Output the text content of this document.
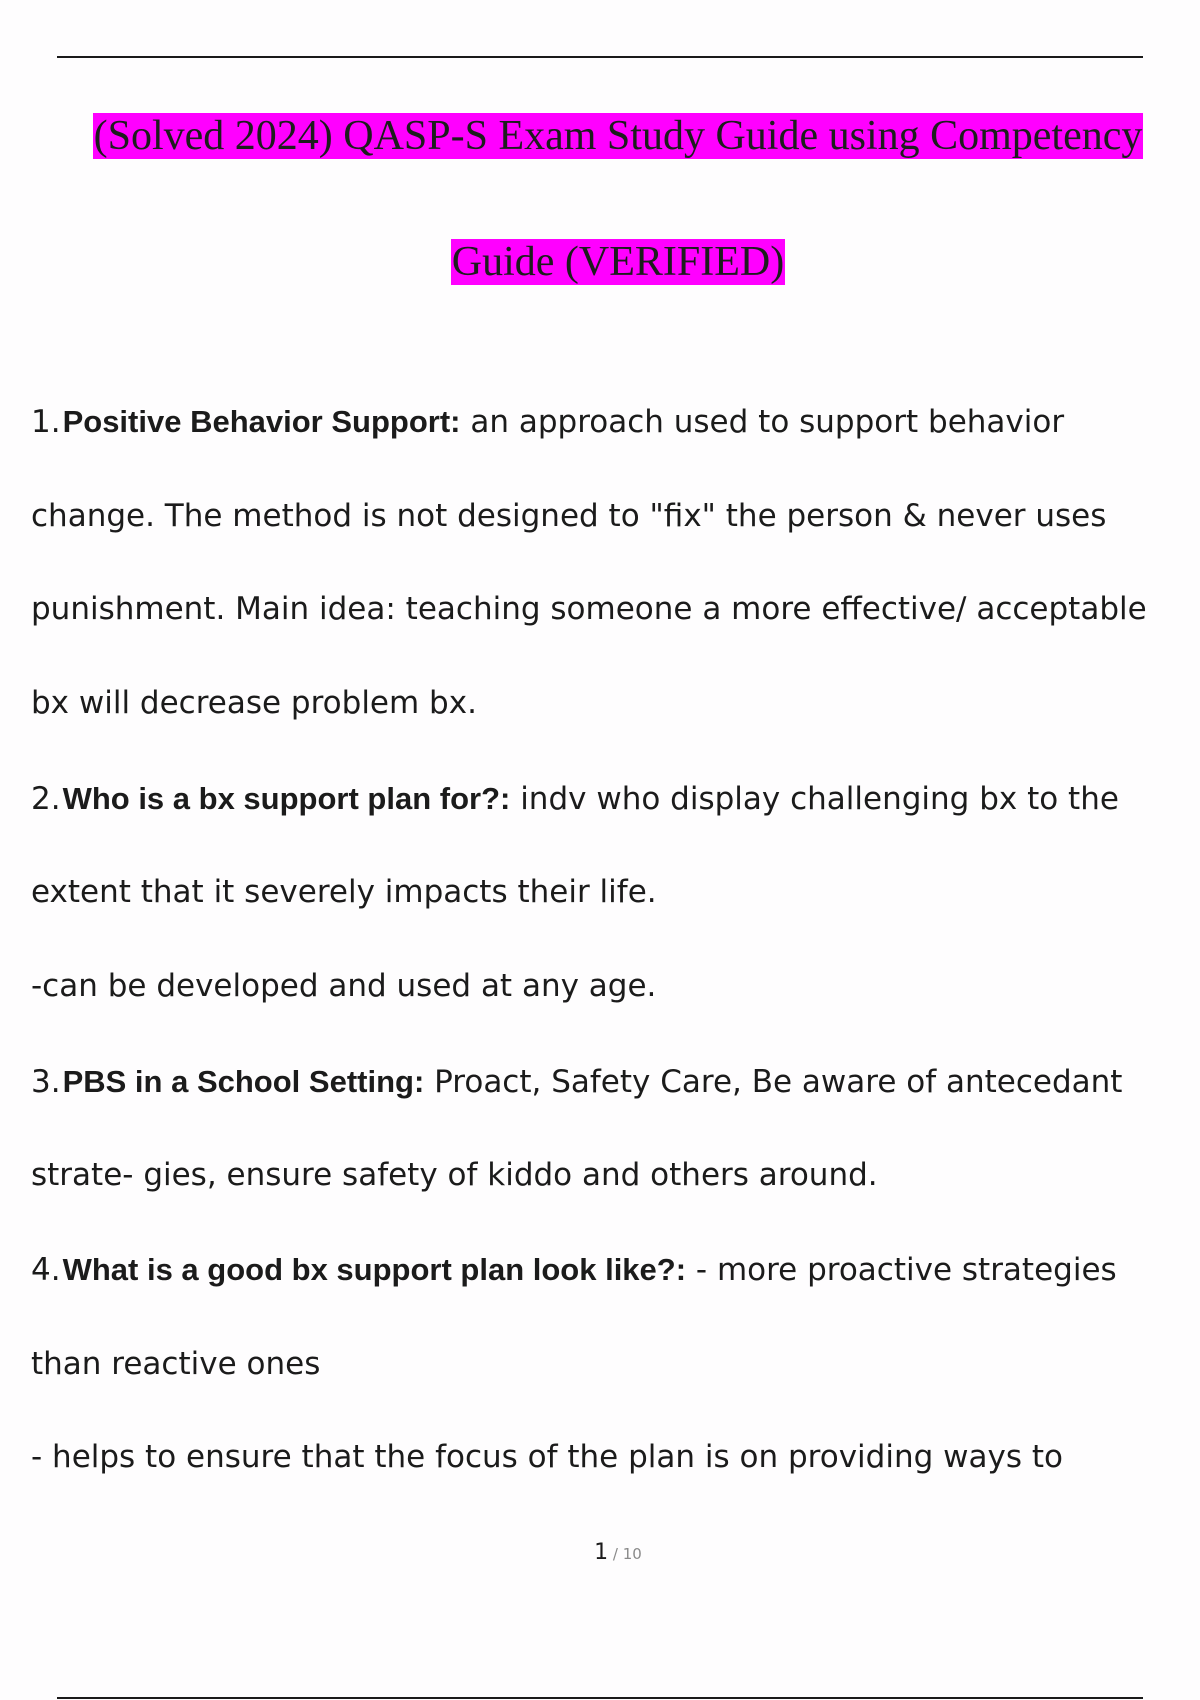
(Solved 2024) QASP-S Exam Study Guide using Competency
Guide (VERIFIED)
1.Positive Behavior Support: an approach used to support behavior
change. The method is not designed to "fix" the person & never uses
punishment. Main idea: teaching someone a more effective/ acceptable
bx will decrease problem bx.
2.Who is a bx support plan for?: indv who display challenging bx to the
extent that it severely impacts their life.
-can be developed and used at any age.
3.PBS in a School Setting: Proact, Safety Care, Be aware of antecedant
strate- gies, ensure safety of kiddo and others around.
4.What is a good bx support plan look like?: - more proactive strategies
than reactive ones
- helps to ensure that the focus of the plan is on providing ways to
1 / 10
